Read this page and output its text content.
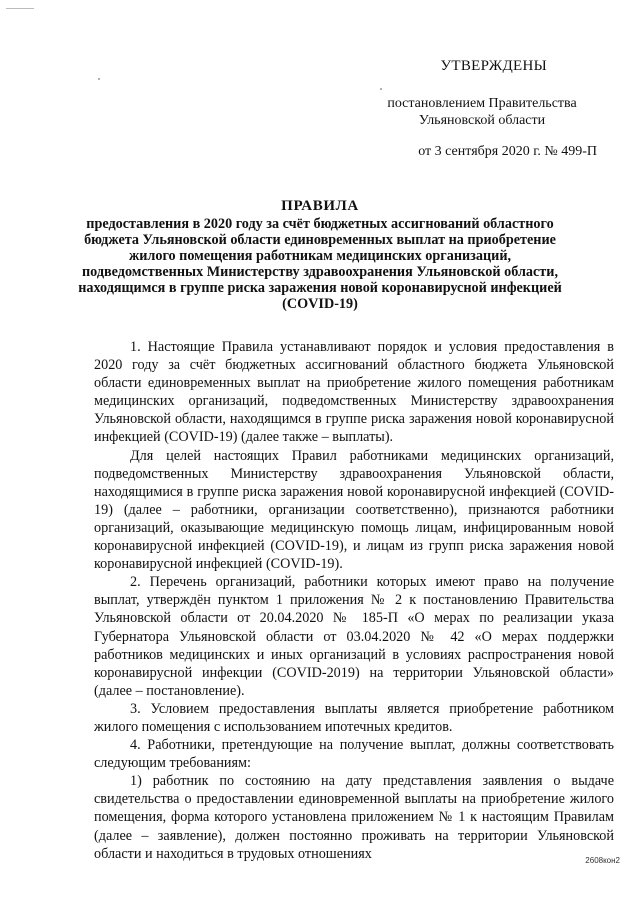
УТВЕРЖДЕНЫ
постановлением Правительства
Ульяновской области
от 3 сентября 2020 г. № 499-П
ПРАВИЛА
предоставления в 2020 году за счёт бюджетных ассигнований областного бюджета Ульяновской области единовременных выплат на приобретение жилого помещения работникам медицинских организаций, подведомственных Министерству здравоохранения Ульяновской области, находящимся в группе риска заражения новой коронавирусной инфекцией (COVID-19)

1. Настоящие Правила устанавливают порядок и условия предоставления в 2020 году за счёт бюджетных ассигнований областного бюджета Ульяновской области единовременных выплат на приобретение жилого помещения работникам медицинских организаций, подведомственных Министерству здравоохранения Ульяновской области, находящимся в группе риска заражения новой коронавирусной инфекцией (COVID-19) (далее также – выплаты).

Для целей настоящих Правил работниками медицинских организаций, подведомственных Министерству здравоохранения Ульяновской области, находящимися в группе риска заражения новой коронавирусной инфекцией (COVID-19) (далее – работники, организации соответственно), признаются работники организаций, оказывающие медицинскую помощь лицам, инфицированным новой коронавирусной инфекцией (COVID-19), и лицам из групп риска заражения новой коронавирусной инфекцией (COVID-19).

2. Перечень организаций, работники которых имеют право на получение выплат, утверждён пунктом 1 приложения № 2 к постановлению Правительства Ульяновской области от 20.04.2020 № 185-П «О мерах по реализации указа Губернатора Ульяновской области от 03.04.2020 № 42 «О мерах поддержки работников медицинских и иных организаций в условиях распространения новой коронавирусной инфекции (COVID-2019) на территории Ульяновской области» (далее – постановление).

3. Условием предоставления выплаты является приобретение работником жилого помещения с использованием ипотечных кредитов.

4. Работники, претендующие на получение выплат, должны соответствовать следующим требованиям:

1) работник по состоянию на дату представления заявления о выдаче свидетельства о предоставлении единовременной выплаты на приобретение жилого помещения, форма которого установлена приложением № 1 к настоящим Правилам (далее – заявление), должен постоянно проживать на территории Ульяновской области и находиться в трудовых отношениях	2608кон2
